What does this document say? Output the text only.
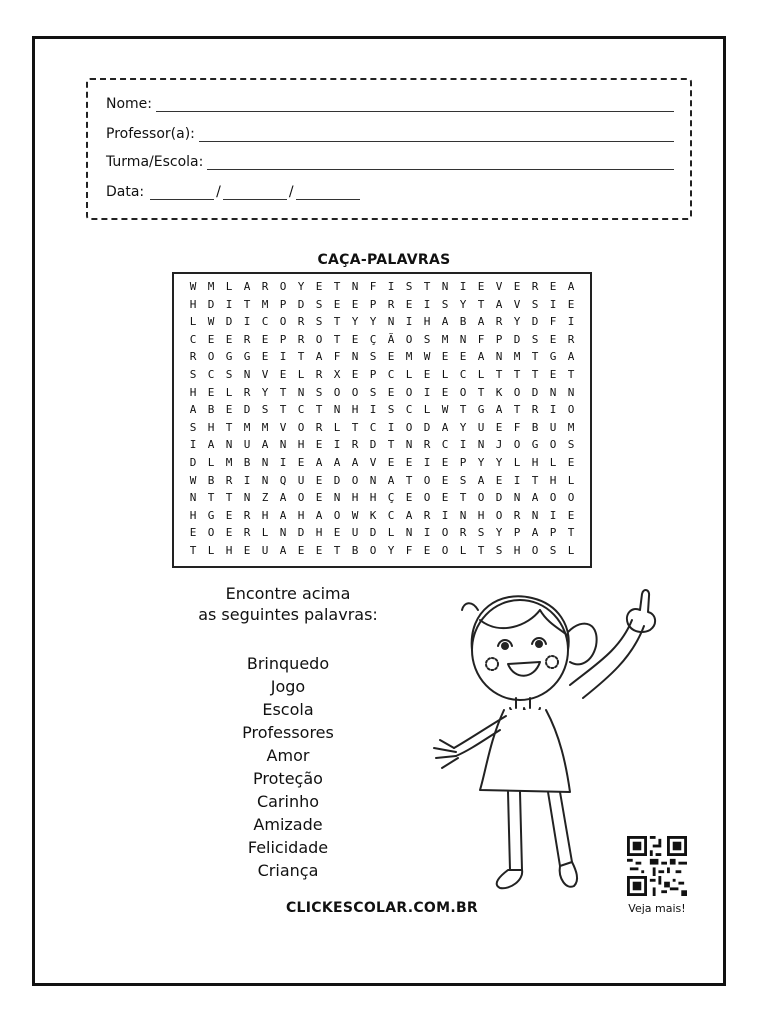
Nome:
Professor(a):
Turma/Escola:
Data:	/	/
CAÇA-PALAVRAS
W	M	L	A	R	O	Y	E	T	N	F	I	S	T	N	I	E	V	E	R	E	A
H	D	I	T	M	P	D	S	E	E	P	R	E	I	S	Y	T	A	V	S	I	E
L	W	D	I	C	O	R	S	T	Y	Y	N	I	H	A	B	A	R	Y	D	F	I
C	E	E	R	E	P	R	O	T	E	Ç	Ã	O	S	M	N	F	P	D	S	E	R
R	O	G	G	E	I	T	A	F	N	S	E	M	W	E	E	A	N	M	T	G	A
S	C	S	N	V	E	L	R	X	E	P	C	L	E	L	C	L	T	T	T	E	T
H	E	L	R	Y	T	N	S	O	O	S	E	O	I	E	O	T	K	O	D	N	N
A	B	E	D	S	T	C	T	N	H	I	S	C	L	W	T	G	A	T	R	I	O
S	H	T	M	M	V	O	R	L	T	C	I	O	D	A	Y	U	E	F	B	U	M
I	A	N	U	A	N	H	E	I	R	D	T	N	R	C	I	N	J	O	G	O	S
D	L	M	B	N	I	E	A	A	A	V	E	E	I	E	P	Y	Y	L	H	L	E
W	B	R	I	N	Q	U	E	D	O	N	A	T	O	E	S	A	E	I	T	H	L
N	T	T	N	Z	A	O	E	N	H	H	Ç	E	O	E	T	O	D	N	A	O	O
H	G	E	R	H	A	H	A	O	W	K	C	A	R	I	N	H	O	R	N	I	E
E	O	E	R	L	N	D	H	E	U	D	L	N	I	O	R	S	Y	P	A	P	T
T	L	H	E	U	A	E	E	T	B	O	Y	F	E	O	L	T	S	H	O	S	L
Encontre acima
as seguintes palavras:
Brinquedo
Jogo
Escola
Professores
Amor
Proteção
Carinho
Amizade
Felicidade
Criança
Veja mais!
CLICKESCOLAR.COM.BR
